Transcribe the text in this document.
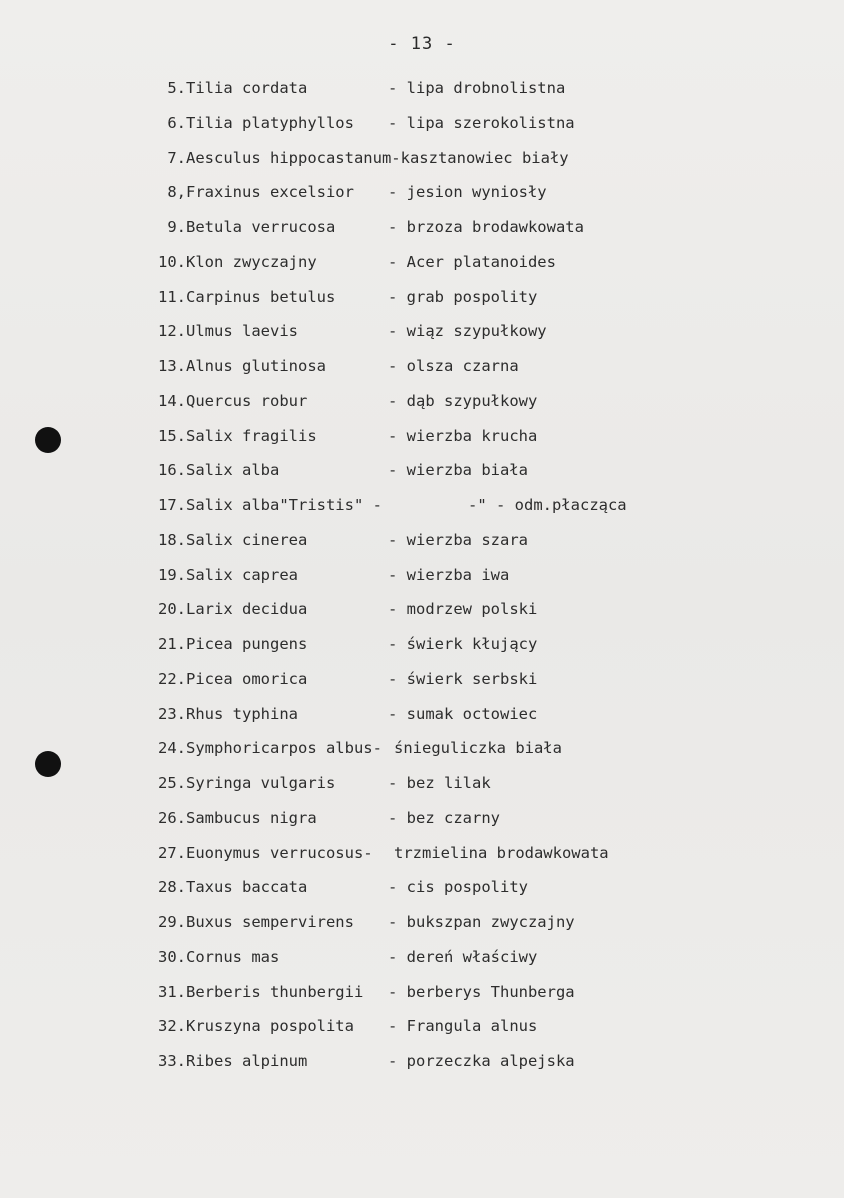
- 13 -
5. Tilia cordata	- lipa drobnolistna
6. Tilia platyphyllos - lipa szerokolistna
7. Aesculus hippocastanum-kasztanowiec biały
8, Fraxinus excelsior - jesion wyniosły
9. Betula verrucosa	- brzoza brodawkowata
10. Klon zwyczajny	- Acer platanoides
11. Carpinus betulus	- grab pospolity
12. Ulmus laevis	- wiąz szypułkowy
13. Alnus glutinosa	- olsza czarna
14. Quercus robur	- dąb szypułkowy
15. Salix fragilis	- wierzba krucha
16. Salix alba	- wierzba biała
17. Salix alba"Tristis" -	-" - odm.płacząca
18. Salix cinerea	- wierzba szara
19. Salix caprea	- wierzba iwa
20. Larix decidua	- modrzew polski
21. Picea pungens	- świerk kłujący
22. Picea omorica	- świerk serbski
23. Rhus typhina	- sumak octowiec
24. Symphoricarpos albus- śnieguliczka biała
25. Syringa vulgaris	- bez lilak
26. Sambucus nigra	- bez czarny
27. Euonymus verrucosus- trzmielina brodawkowata
28. Taxus baccata	- cis pospolity
29. Buxus sempervirens - bukszpan zwyczajny
30. Cornus mas	- dereń właściwy
31. Berberis thunbergii - berberys Thunberga
32. Kruszyna pospolita - Frangula alnus
33. Ribes alpinum	- porzeczka alpejska
